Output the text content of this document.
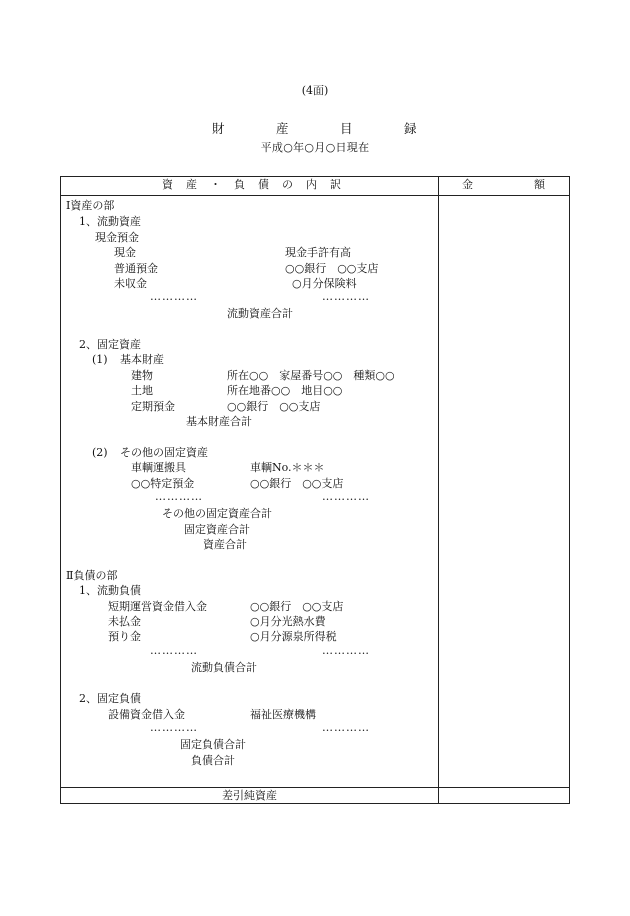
(4面)
財	産	目	録
平成○年○月○日現在
資 産 ・ 負 債 の 内 訳	金	額
Ⅰ資産の部
1、流動資産
現金預金
現金	現金手許有高
普通預金	○○銀行　○○支店
未収金	○月分保険料
…………	…………
流動資産合計
2、固定資産
(1) 基本財産
建物	所在○○　家屋番号○○　種類○○
土地	所在地番○○　地目○○
定期預金	○○銀行　○○支店
基本財産合計
(2) その他の固定資産
車輌運搬具	車輌No.＊＊＊
○○特定預金	○○銀行　○○支店
…………	…………
その他の固定資産合計
固定資産合計
資産合計
Ⅱ負債の部
1、流動負債
短期運営資金借入金	○○銀行　○○支店
未払金	○月分光熱水費
預り金	○月分源泉所得税
…………	…………
流動負債合計
2、固定負債
設備資金借入金	福祉医療機構
…………	…………
固定負債合計
負債合計
差引純資産
